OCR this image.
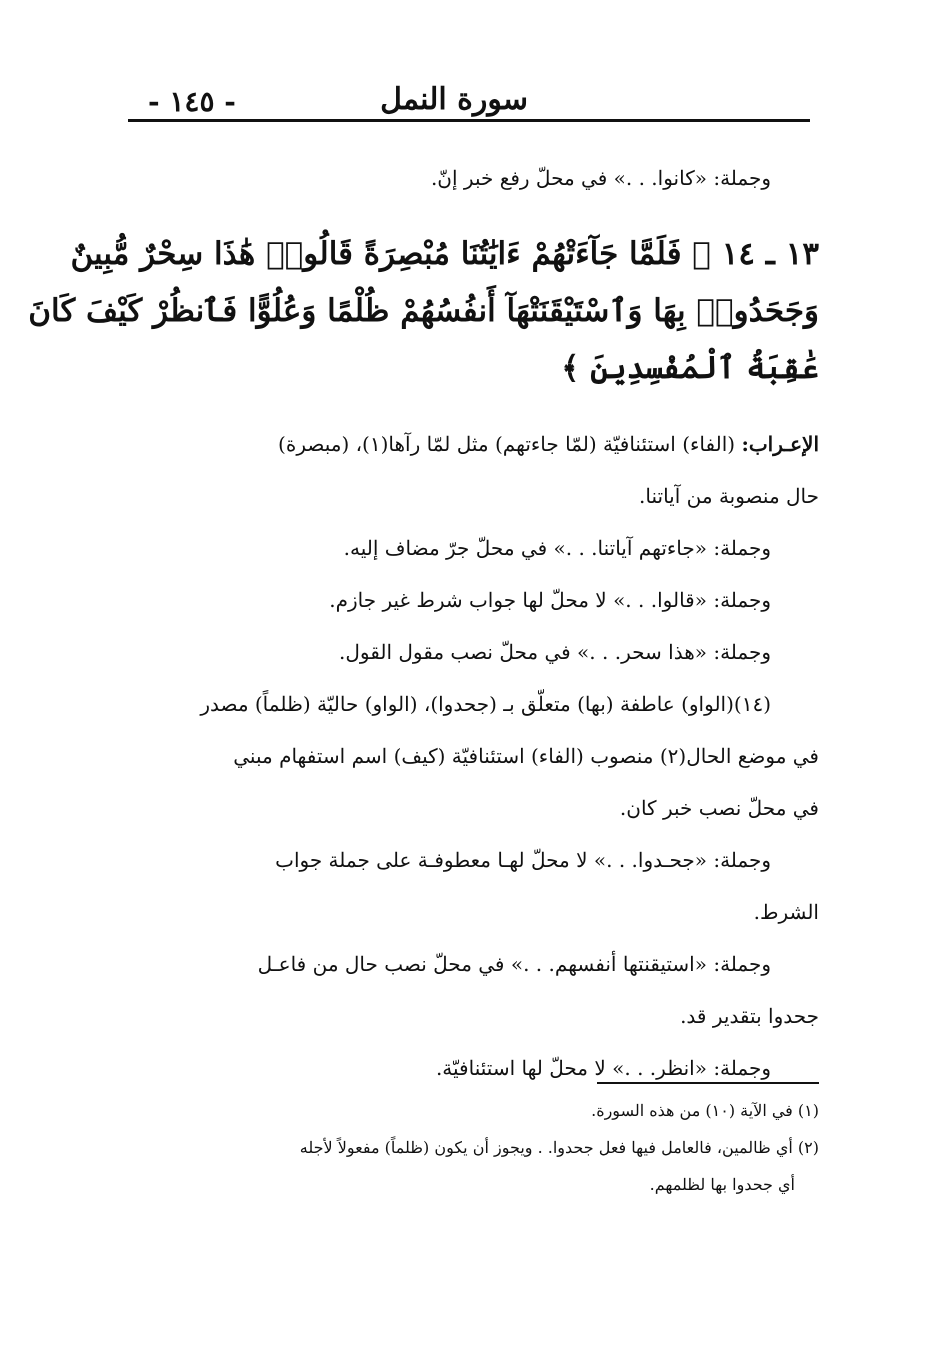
سورة النمل
- ١٤٥ -
وجملة: «كانوا. . .» في محلّ رفع خبر إنّ.
١٣ ـ ١٤ ﴿ فَلَمَّا جَآءَتْهُمْ ءَايَٰتُنَا مُبْصِرَةً قَالُوا۟ هَٰذَا سِحْرٌ مُّبِينٌ
وَجَحَدُوا۟ بِهَا وَٱسْتَيْقَنَتْهَآ أَنفُسُهُمْ ظُلْمًا وَعُلُوًّا فَٱنظُرْ كَيْفَ كَانَ
عَٰقِبَةُ ٱلْمُفْسِدِينَ ﴾
الإعـراب: (الفاء) استئنافيّة (لمّا جاءتهم) مثل لمّا رآها(١)، (مبصرة)
حال منصوبة من آياتنا.
وجملة: «جاءتهم آياتنا. . .» في محلّ جرّ مضاف إليه.
وجملة: «قالوا. . .» لا محلّ لها جواب شرط غير جازم.
وجملة: «هذا سحر. . .» في محلّ نصب مقول القول.
(١٤)(الواو) عاطفة (بها) متعلّق بـ (جحدوا)، (الواو) حاليّة (ظلماً) مصدر
في موضع الحال(٢) منصوب (الفاء) استئنافيّة (كيف) اسم استفهام مبني
في محلّ نصب خبر كان.
وجملة: «جحـدوا. . .» لا محلّ لهـا معطوفـة على جملة جواب
الشرط.
وجملة: «استيقنتها أنفسهم. . .» في محلّ نصب حال من فاعـل
جحدوا بتقدير قد.
وجملة: «انظر. . .» لا محلّ لها استئنافيّة.
(١) في الآية (١٠) من هذه السورة.
(٢) أي ظالمين، فالعامل فيها فعل جحدوا. . ويجوز أن يكون (ظلماً) مفعولاً لأجله
أي جحدوا بها لظلمهم.
